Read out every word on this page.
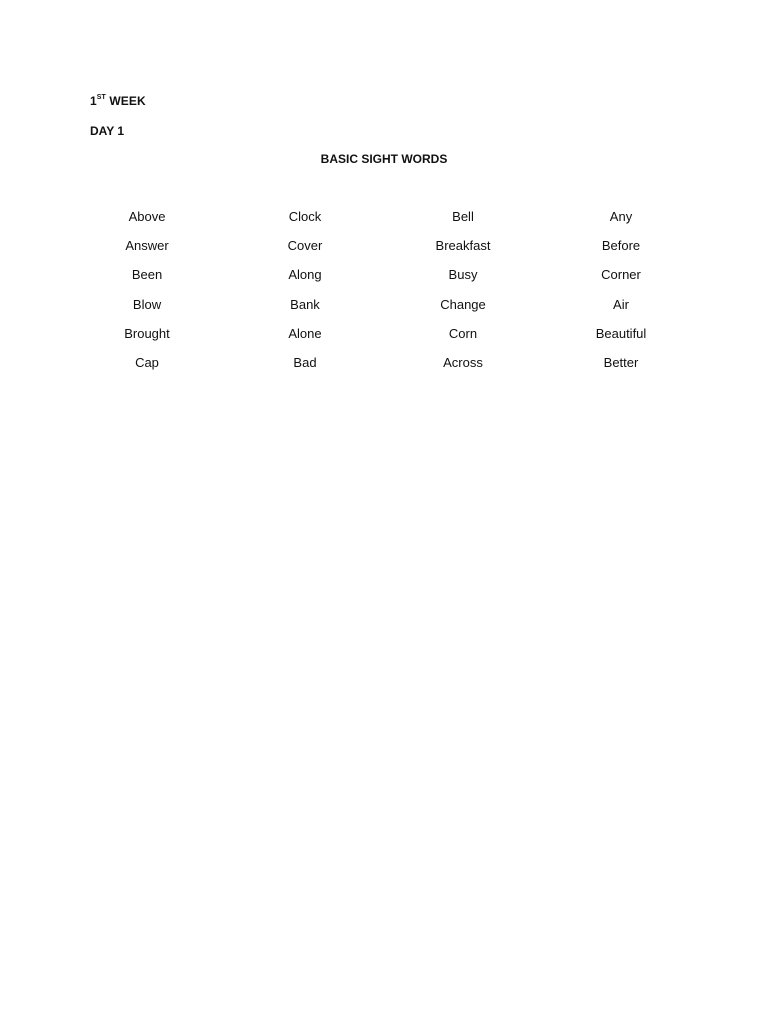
1ST WEEK
DAY 1
BASIC SIGHT WORDS
Above	Clock	Bell	Any
Answer	Cover	Breakfast	Before
Been	Along	Busy	Corner
Blow	Bank	Change	Air
Brought	Alone	Corn	Beautiful
Cap	Bad	Across	Better
